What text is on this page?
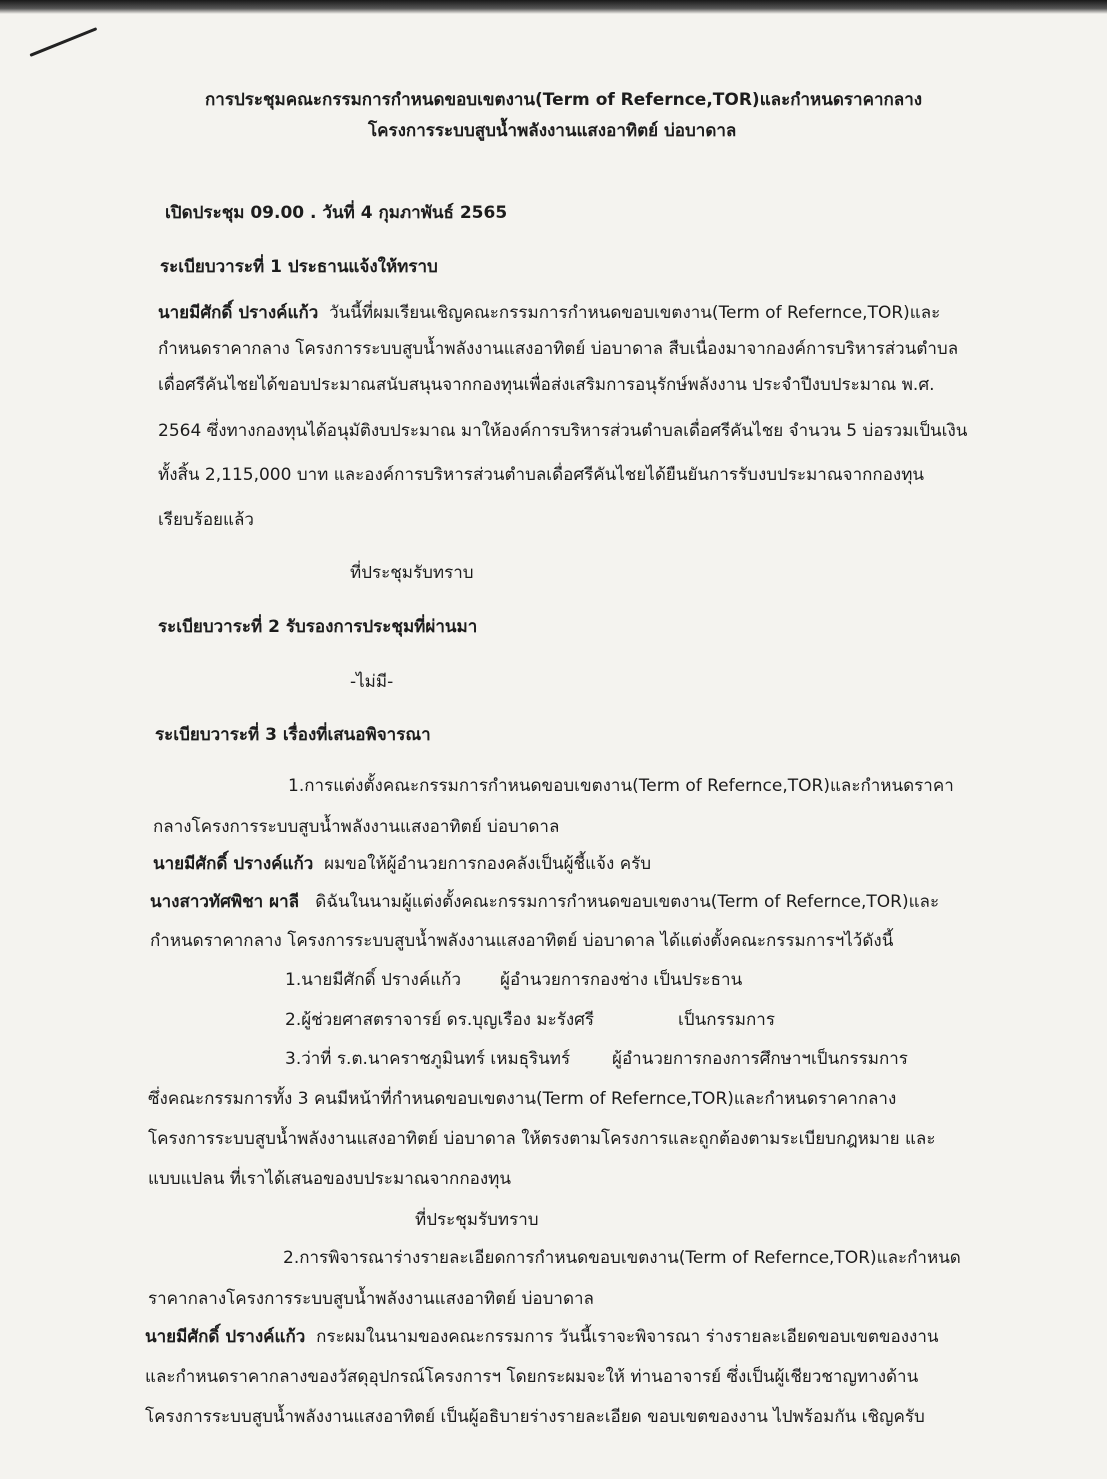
การประชุมคณะกรรมการกำหนดขอบเขตงาน(Term of Refernce,TOR)และกำหนดราคากลาง
โครงการระบบสูบน้ำพลังงานแสงอาทิตย์ บ่อบาดาล
เปิดประชุม 09.00 . วันที่ 4 กุมภาพันธ์ 2565
ระเบียบวาระที่ 1 ประธานแจ้งให้ทราบ
นายมีศักดิ์ ปรางค์แก้ว วันนี้ที่ผมเรียนเชิญคณะกรรมการกำหนดขอบเขตงาน(Term of Refernce,TOR)และ
กำหนดราคากลาง โครงการระบบสูบน้ำพลังงานแสงอาทิตย์ บ่อบาดาล สืบเนื่องมาจากองค์การบริหารส่วนตำบล
เดื่อศรีคันไชยได้ขอบประมาณสนับสนุนจากกองทุนเพื่อส่งเสริมการอนุรักษ์พลังงาน ประจำปีงบประมาณ พ.ศ.
2564 ซึ่งทางกองทุนได้อนุมัติงบประมาณ มาให้องค์การบริหารส่วนตำบลเดื่อศรีคันไชย จำนวน 5 บ่อรวมเป็นเงิน
ทั้งสิ้น 2,115,000 บาท และองค์การบริหารส่วนตำบลเดื่อศรีคันไชยได้ยืนยันการรับงบประมาณจากกองทุน
เรียบร้อยแล้ว
ที่ประชุมรับทราบ
ระเบียบวาระที่ 2 รับรองการประชุมที่ผ่านมา
-ไม่มี-
ระเบียบวาระที่ 3 เรื่องที่เสนอพิจารณา
1.การแต่งตั้งคณะกรรมการกำหนดขอบเขตงาน(Term of Refernce,TOR)และกำหนดราคา
กลางโครงการระบบสูบน้ำพลังงานแสงอาทิตย์ บ่อบาดาล
นายมีศักดิ์ ปรางค์แก้ว ผมขอให้ผู้อำนวยการกองคลังเป็นผู้ชี้แจ้ง ครับ
นางสาวทัศพิชา ผาลี ดิฉันในนามผู้แต่งตั้งคณะกรรมการกำหนดขอบเขตงาน(Term of Refernce,TOR)และ
กำหนดราคากลาง โครงการระบบสูบน้ำพลังงานแสงอาทิตย์ บ่อบาดาล ได้แต่งตั้งคณะกรรมการฯไว้ดังนี้
1.นายมีศักดิ์ ปรางค์แก้ว ผู้อำนวยการกองช่าง เป็นประธาน
2.ผู้ช่วยศาสตราจารย์ ดร.บุญเรือง มะรังศรี	เป็นกรรมการ
3.ว่าที่ ร.ต.นาคราชภูมินทร์ เหมธุรินทร์ ผู้อำนวยการกองการศึกษาฯเป็นกรรมการ
ซึ่งคณะกรรมการทั้ง 3 คนมีหน้าที่กำหนดขอบเขตงาน(Term of Refernce,TOR)และกำหนดราคากลาง
โครงการระบบสูบน้ำพลังงานแสงอาทิตย์ บ่อบาดาล ให้ตรงตามโครงการและถูกต้องตามระเบียบกฎหมาย และ
แบบแปลน ที่เราได้เสนอของบประมาณจากกองทุน
ที่ประชุมรับทราบ
2.การพิจารณาร่างรายละเอียดการกำหนดขอบเขตงาน(Term of Refernce,TOR)และกำหนด
ราคากลางโครงการระบบสูบน้ำพลังงานแสงอาทิตย์ บ่อบาดาล
นายมีศักดิ์ ปรางค์แก้ว กระผมในนามของคณะกรรมการ วันนี้เราจะพิจารณา ร่างรายละเอียดขอบเขตของงาน
และกำหนดราคากลางของวัสดุอุปกรณ์โครงการฯ โดยกระผมจะให้ ท่านอาจารย์ ซึ่งเป็นผู้เชียวชาญทางด้าน
โครงการระบบสูบน้ำพลังงานแสงอาทิตย์ เป็นผู้อธิบายร่างรายละเอียด ขอบเขตของงาน ไปพร้อมกัน เชิญครับ
